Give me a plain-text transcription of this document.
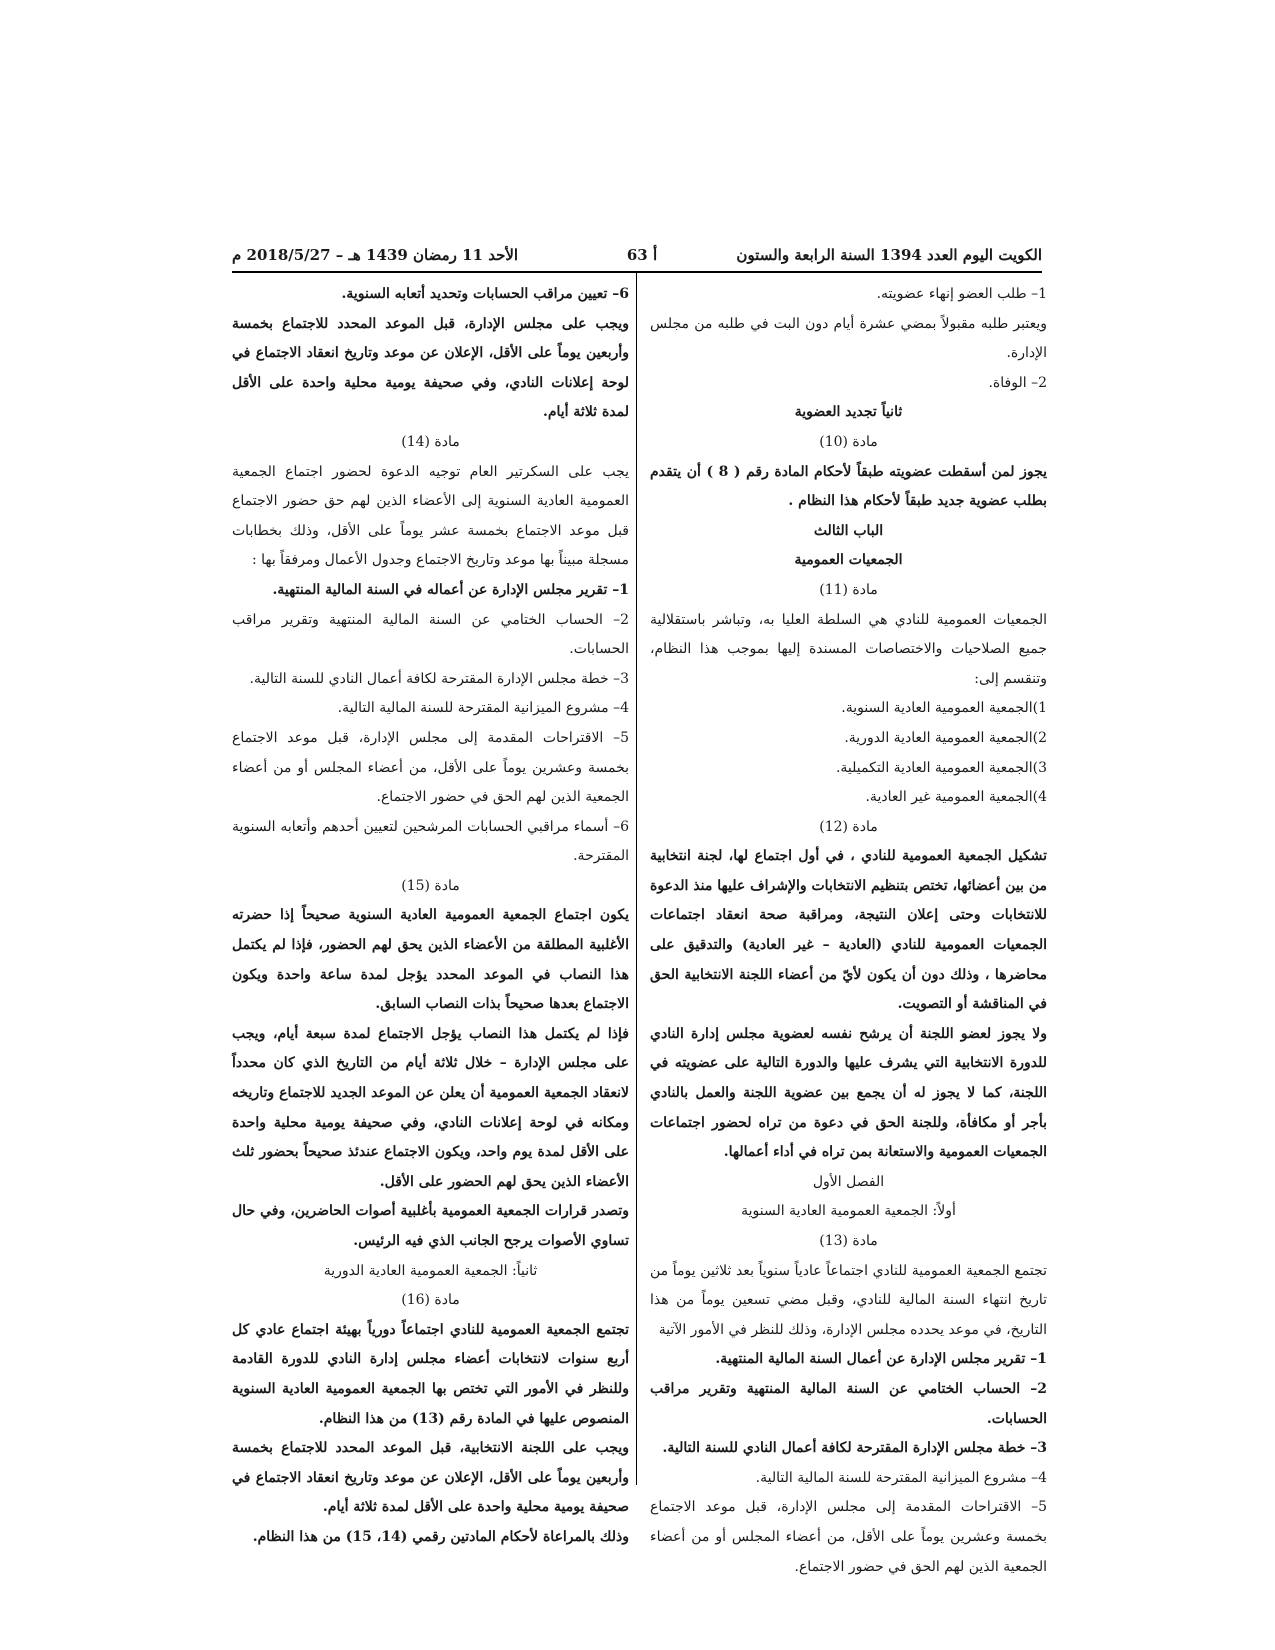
الكويت اليوم العدد 1394 السنة الرابعة والستون
أ 63
الأحد 11 رمضان 1439 هـ – 2018/5/27 م

1– طلب العضو إنهاء عضويته.

ويعتبر طلبه مقبولاً بمضي عشرة أيام دون البت في طلبه من مجلس الإدارة.

2– الوفاة.

ثانياً تجديد العضوية

مادة (10)

يجوز لمن أسقطت عضويته طبقاً لأحكام المادة رقم ( 8 ) أن يتقدم بطلب عضوية جديد طبقاً لأحكام هذا النظام .

الباب الثالث

الجمعيات العمومية

مادة (11)

الجمعيات العمومية للنادي هي السلطة العليا به، وتباشر باستقلالية جميع الصلاحيات والاختصاصات المسندة إليها بموجب هذا النظام، وتنقسم إلى:

1)الجمعية العمومية العادية السنوية.

2)الجمعية العمومية العادية الدورية.

3)الجمعية العمومية العادية التكميلية.

4)الجمعية العمومية غير العادية.

مادة (12)

تشكيل الجمعية العمومية للنادي ، في أول اجتماع لها، لجنة انتخابية من بين أعضائها، تختص بتنظيم الانتخابات والإشراف عليها منذ الدعوة للانتخابات وحتى إعلان النتيجة، ومراقبة صحة انعقاد اجتماعات الجمعيات العمومية للنادي (العادية – غير العادية) والتدقيق على محاضرها ، وذلك دون أن يكون لأيّ من أعضاء اللجنة الانتخابية الحق في المناقشة أو التصويت.

ولا يجوز لعضو اللجنة أن يرشح نفسه لعضوية مجلس إدارة النادي للدورة الانتخابية التي يشرف عليها والدورة التالية على عضويته في اللجنة، كما لا يجوز له أن يجمع بين عضوية اللجنة والعمل بالنادي بأجر أو مكافأة، وللجنة الحق في دعوة من تراه لحضور اجتماعات الجمعيات العمومية والاستعانة بمن تراه في أداء أعمالها.

الفصل الأول

أولاً: الجمعية العمومية العادية السنوية

مادة (13)

تجتمع الجمعية العمومية للنادي اجتماعاً عادياً سنوياً بعد ثلاثين يوماً من تاريخ انتهاء السنة المالية للنادي، وقبل مضي تسعين يوماً من هذا التاريخ، في موعد يحدده مجلس الإدارة، وذلك للنظر في الأمور الآتية

1– تقرير مجلس الإدارة عن أعمال السنة المالية المنتهية.

2– الحساب الختامي عن السنة المالية المنتهية وتقرير مراقب الحسابات.

3– خطة مجلس الإدارة المقترحة لكافة أعمال النادي للسنة التالية.

4– مشروع الميزانية المقترحة للسنة المالية التالية.

5– الاقتراحات المقدمة إلى مجلس الإدارة، قبل موعد الاجتماع بخمسة وعشرين يوماً على الأقل، من أعضاء المجلس أو من أعضاء الجمعية الذين لهم الحق في حضور الاجتماع.

6– تعيين مراقب الحسابات وتحديد أتعابه السنوية.

ويجب على مجلس الإدارة، قبل الموعد المحدد للاجتماع بخمسة وأربعين يوماً على الأقل، الإعلان عن موعد وتاريخ انعقاد الاجتماع في لوحة إعلانات النادي، وفي صحيفة يومية محلية واحدة على الأقل لمدة ثلاثة أيام.

مادة (14)

يجب على السكرتير العام توجيه الدعوة لحضور اجتماع الجمعية العمومية العادية السنوية إلى الأعضاء الذين لهم حق حضور الاجتماع قبل موعد الاجتماع بخمسة عشر يوماً على الأقل، وذلك بخطابات مسجلة مبيناً بها موعد وتاريخ الاجتماع وجدول الأعمال ومرفقاً بها :

1– تقرير مجلس الإدارة عن أعماله في السنة المالية المنتهية.

2– الحساب الختامي عن السنة المالية المنتهية وتقرير مراقب الحسابات.

3– خطة مجلس الإدارة المقترحة لكافة أعمال النادي للسنة التالية.

4– مشروع الميزانية المقترحة للسنة المالية التالية.

5– الاقتراحات المقدمة إلى مجلس الإدارة، قبل موعد الاجتماع بخمسة وعشرين يوماً على الأقل، من أعضاء المجلس أو من أعضاء الجمعية الذين لهم الحق في حضور الاجتماع.

6– أسماء مراقبي الحسابات المرشحين لتعيين أحدهم وأتعابه السنوية المقترحة.

مادة (15)

يكون اجتماع الجمعية العمومية العادية السنوية صحيحاً إذا حضرته الأغلبية المطلقة من الأعضاء الذين يحق لهم الحضور، فإذا لم يكتمل هذا النصاب في الموعد المحدد يؤجل لمدة ساعة واحدة ويكون الاجتماع بعدها صحيحاً بذات النصاب السابق.

فإذا لم يكتمل هذا النصاب يؤجل الاجتماع لمدة سبعة أيام، ويجب على مجلس الإدارة – خلال ثلاثة أيام من التاريخ الذي كان محدداً لانعقاد الجمعية العمومية أن يعلن عن الموعد الجديد للاجتماع وتاريخه ومكانه في لوحة إعلانات النادي، وفي صحيفة يومية محلية واحدة على الأقل لمدة يوم واحد، ويكون الاجتماع عندئذ صحيحاً بحضور ثلث الأعضاء الذين يحق لهم الحضور على الأقل.

وتصدر قرارات الجمعية العمومية بأغلبية أصوات الحاضرين، وفي حال تساوي الأصوات يرجح الجانب الذي فيه الرئيس.

ثانياً: الجمعية العمومية العادية الدورية

مادة (16)

تجتمع الجمعية العمومية للنادي اجتماعاً دورياً بهيئة اجتماع عادي كل أربع سنوات لانتخابات أعضاء مجلس إدارة النادي للدورة القادمة وللنظر في الأمور التي تختص بها الجمعية العمومية العادية السنوية المنصوص عليها في المادة رقم (13) من هذا النظام.

ويجب على اللجنة الانتخابية، قبل الموعد المحدد للاجتماع بخمسة وأربعين يوماً على الأقل، الإعلان عن موعد وتاريخ انعقاد الاجتماع في صحيفة يومية محلية واحدة على الأقل لمدة ثلاثة أيام.

وذلك بالمراعاة لأحكام المادتين رقمي (14، 15) من هذا النظام.
